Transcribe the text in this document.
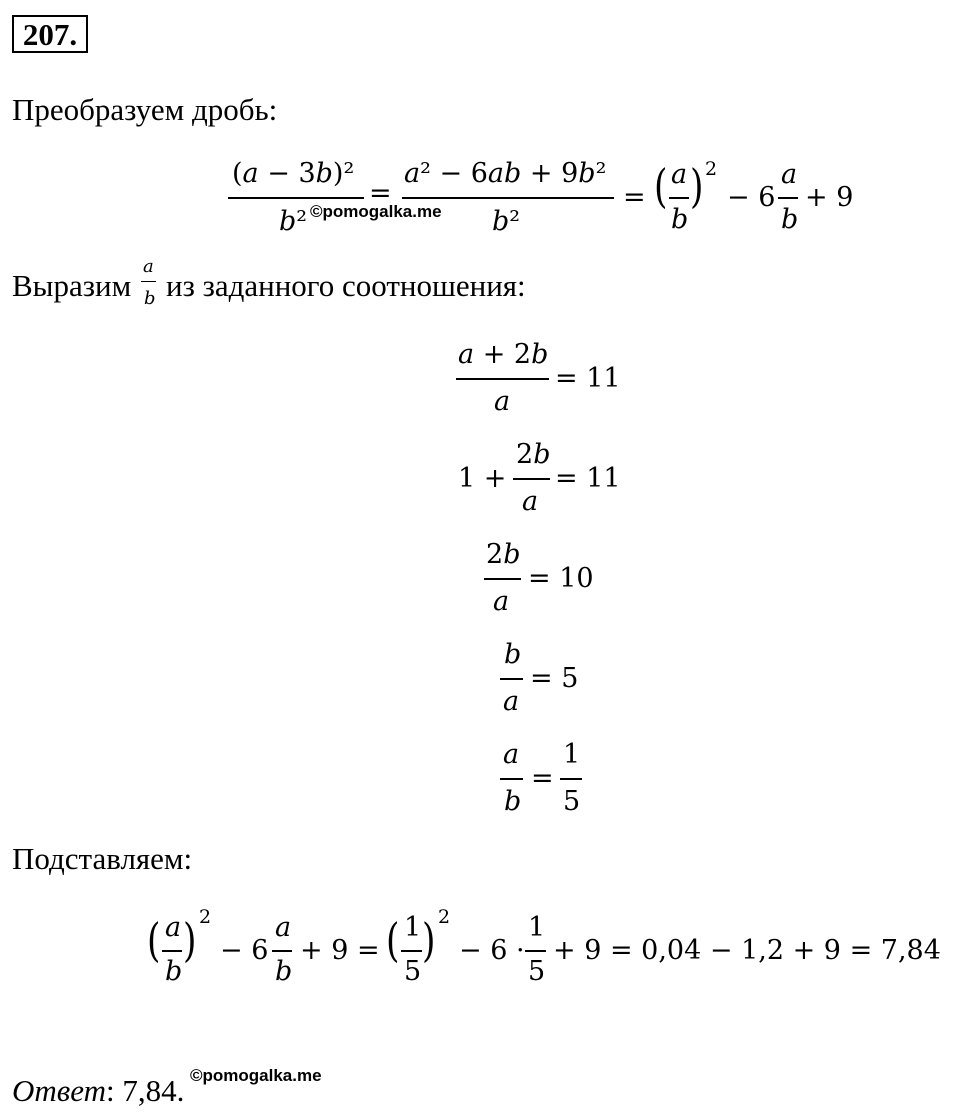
207.
Преобразуем дробь:
(a − 3b)²
b²
=
a² − 6ab + 9b²
b²
= ( a
b
) 2
− 6
a
b
+ 9
©pomogalka.me
Выразим
a
b из заданного соотношения:
a + 2b
a
= 11
1 +
2b
a
= 11
2b
a
= 10
b
a
= 5
a
b
=
1
5
Подставляем:
( a
b
) 2
− 6
a
b
+ 9 = ( 1
5
) 2
− 6 ·
1
5
+ 9 = 0,04 − 1,2 + 9 = 7,84
Ответ: 7,84. ©pomogalka.me
